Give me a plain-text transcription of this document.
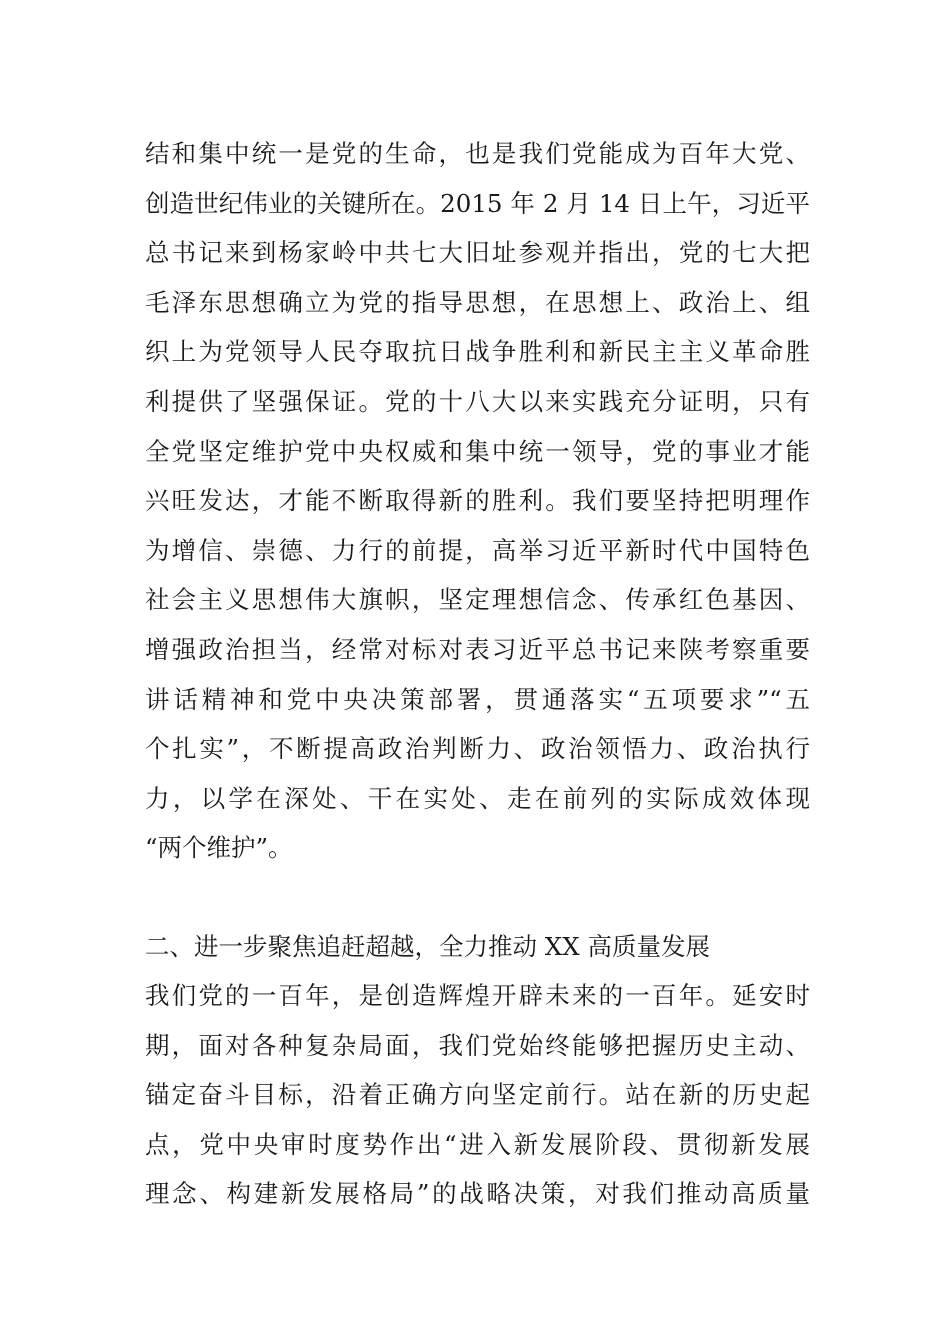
结和集中统一是党的生命，也是我们党能成为百年大党、
创造世纪伟业的关键所在。2015 年 2 月 14 日上午，习近平
总书记来到杨家岭中共七大旧址参观并指出，党的七大把
毛泽东思想确立为党的指导思想，在思想上、政治上、组
织上为党领导人民夺取抗日战争胜利和新民主主义革命胜
利提供了坚强保证。党的十八大以来实践充分证明，只有
全党坚定维护党中央权威和集中统一领导，党的事业才能
兴旺发达，才能不断取得新的胜利。我们要坚持把明理作
为增信、崇德、力行的前提，高举习近平新时代中国特色
社会主义思想伟大旗帜，坚定理想信念、传承红色基因、
增强政治担当，经常对标对表习近平总书记来陕考察重要
讲话精神和党中央决策部署，贯通落实“五项要求”“五
个扎实”，不断提高政治判断力、政治领悟力、政治执行
力，以学在深处、干在实处、走在前列的实际成效体现
“两个维护”。
二、进一步聚焦追赶超越，全力推动 XX 高质量发展
我们党的一百年，是创造辉煌开辟未来的一百年。延安时
期，面对各种复杂局面，我们党始终能够把握历史主动、
锚定奋斗目标，沿着正确方向坚定前行。站在新的历史起
点，党中央审时度势作出“进入新发展阶段、贯彻新发展
理念、构建新发展格局”的战略决策，对我们推动高质量
